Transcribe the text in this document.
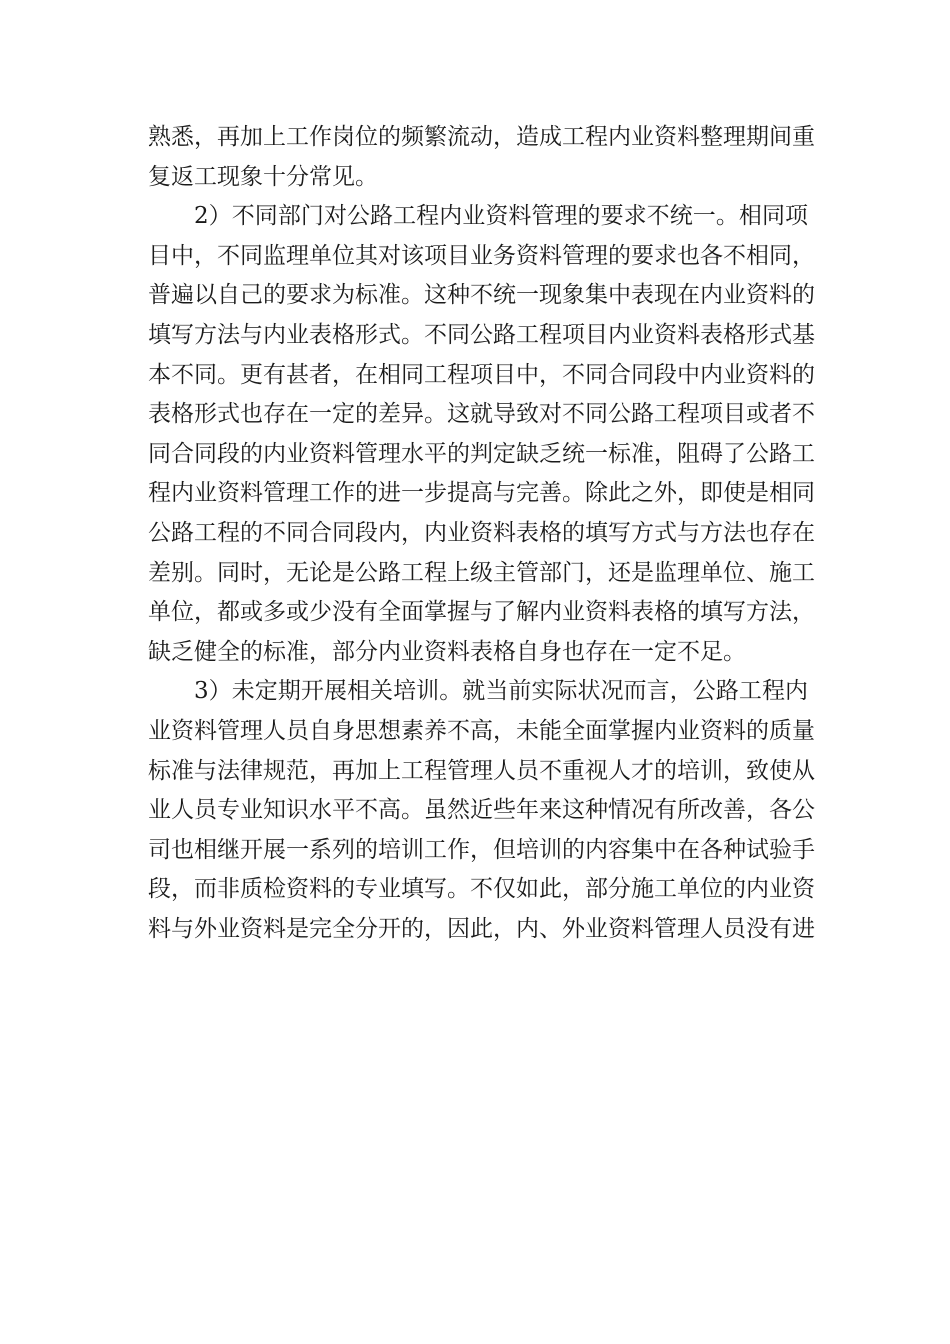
熟悉，再加上工作岗位的频繁流动，造成工程内业资料整理期间重
复返工现象十分常见。
2）不同部门对公路工程内业资料管理的要求不统一。相同项
目中，不同监理单位其对该项目业务资料管理的要求也各不相同，
普遍以自己的要求为标准。这种不统一现象集中表现在内业资料的
填写方法与内业表格形式。不同公路工程项目内业资料表格形式基
本不同。更有甚者，在相同工程项目中，不同合同段中内业资料的
表格形式也存在一定的差异。这就导致对不同公路工程项目或者不
同合同段的内业资料管理水平的判定缺乏统一标准，阻碍了公路工
程内业资料管理工作的进一步提高与完善。除此之外，即使是相同
公路工程的不同合同段内，内业资料表格的填写方式与方法也存在
差别。同时，无论是公路工程上级主管部门，还是监理单位、施工
单位，都或多或少没有全面掌握与了解内业资料表格的填写方法，
缺乏健全的标准，部分内业资料表格自身也存在一定不足。
3）未定期开展相关培训。就当前实际状况而言，公路工程内
业资料管理人员自身思想素养不高，未能全面掌握内业资料的质量
标准与法律规范，再加上工程管理人员不重视人才的培训，致使从
业人员专业知识水平不高。虽然近些年来这种情况有所改善，各公
司也相继开展一系列的培训工作，但培训的内容集中在各种试验手
段，而非质检资料的专业填写。不仅如此，部分施工单位的内业资
料与外业资料是完全分开的，因此，内、外业资料管理人员没有进
